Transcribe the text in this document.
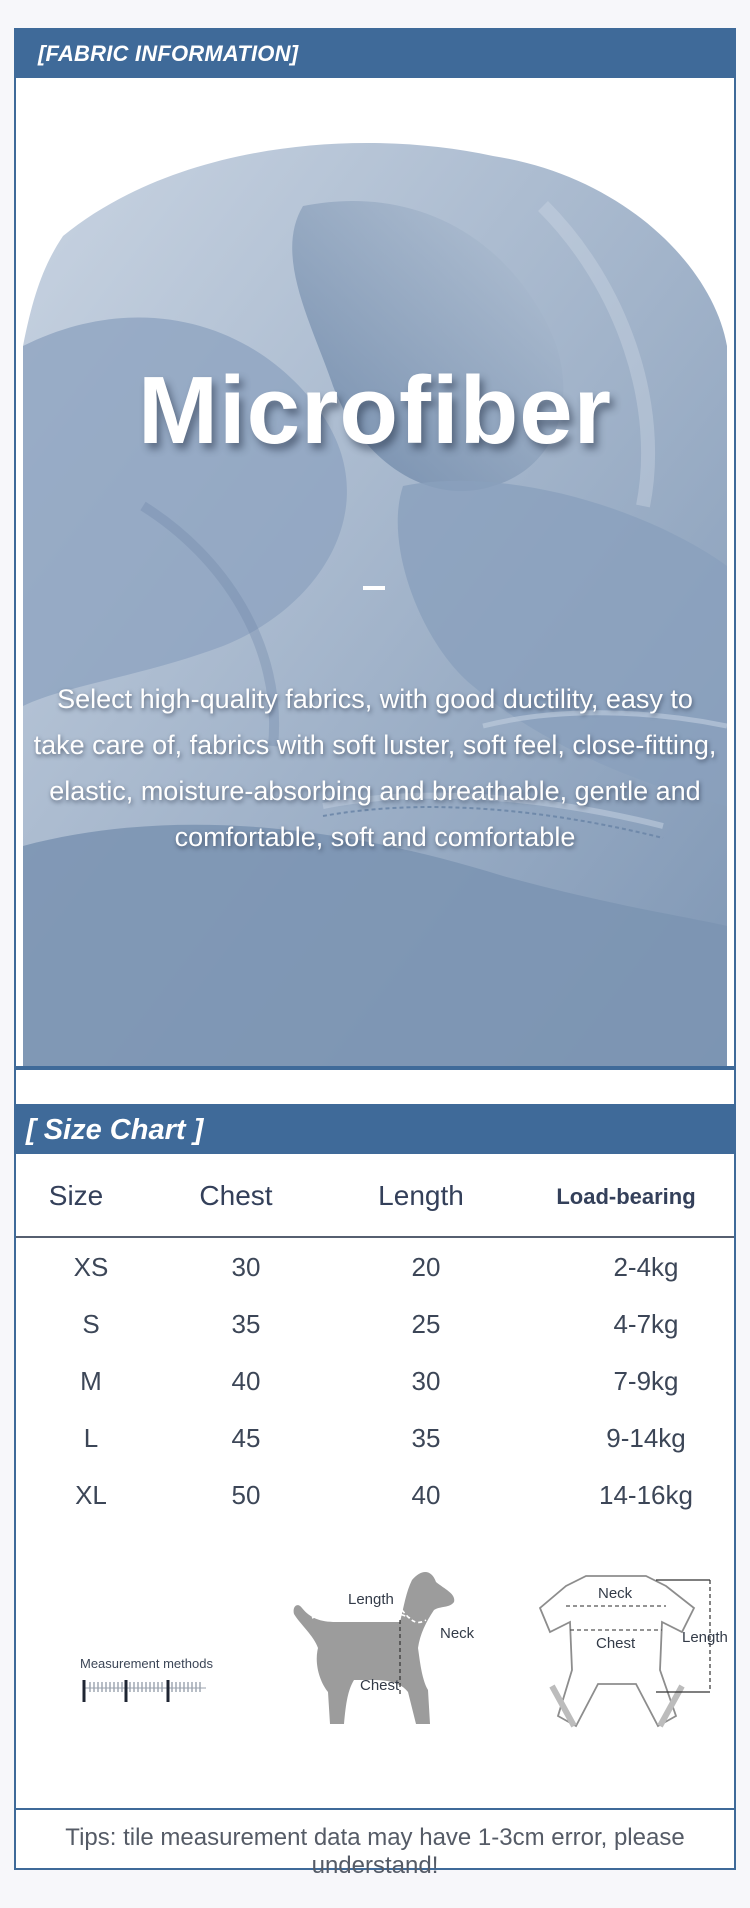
[FABRIC INFORMATION]
Microfiber
Select high-quality fabrics, with good ductility, easy to take care of, fabrics with soft luster, soft feel, close-fitting, elastic, moisture-absorbing and breathable, gentle and comfortable, soft and comfortable
[ Size Chart ]
Size	Chest	Length	Load-bearing
XS	30	20	2-4kg
S	35	25	4-7kg
M	40	30	7-9kg
L	45	35	9-14kg
XL	50	40	14-16kg
Measurement methods
Length
Neck
Chest
Neck
Chest	Length
Tips: tile measurement data may have 1-3cm error, please understand!
